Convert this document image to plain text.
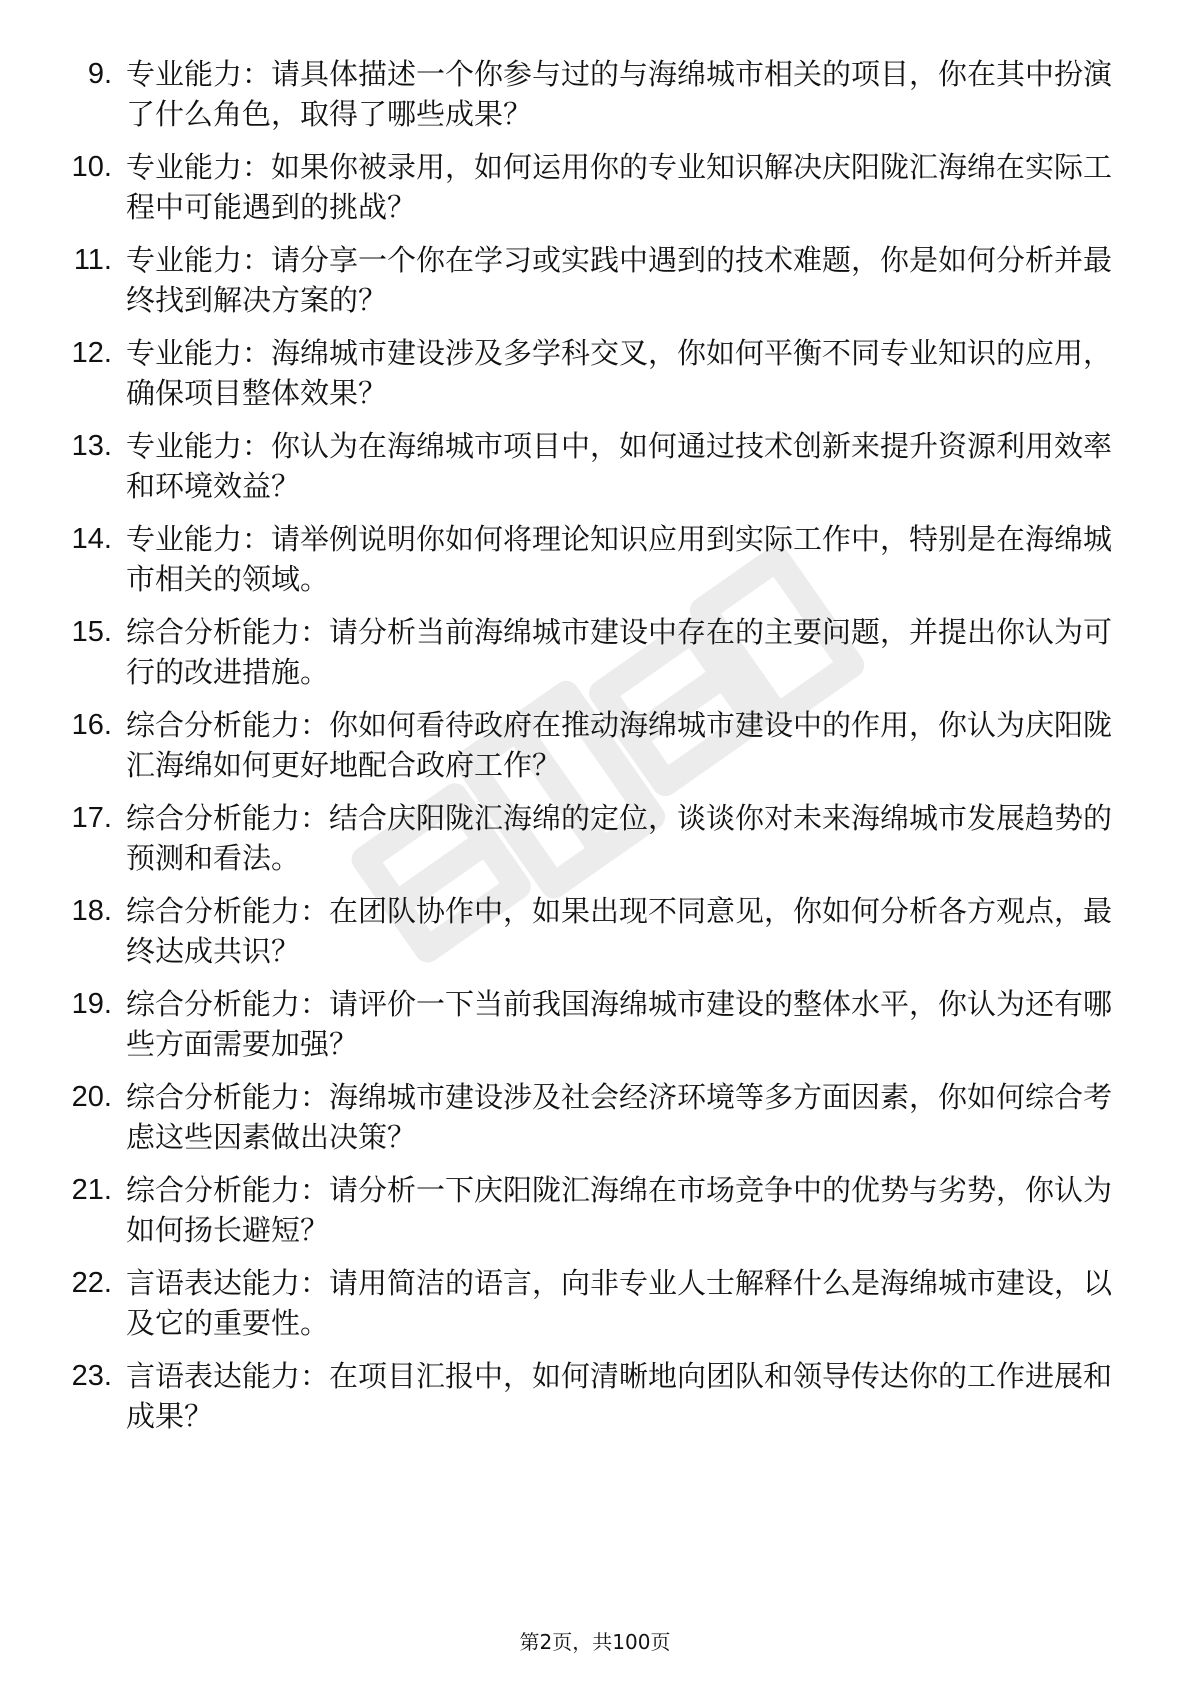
9. 专业能力：请具体描述一个你参与过的与海绵城市相关的项目，你在其中扮演了什么角色，取得了哪些成果？
10. 专业能力：如果你被录用，如何运用你的专业知识解决庆阳陇汇海绵在实际工程中可能遇到的挑战？
11. 专业能力：请分享一个你在学习或实践中遇到的技术难题，你是如何分析并最终找到解决方案的？
12. 专业能力：海绵城市建设涉及多学科交叉，你如何平衡不同专业知识的应用，确保项目整体效果？
13. 专业能力：你认为在海绵城市项目中，如何通过技术创新来提升资源利用效率和环境效益？
14. 专业能力：请举例说明你如何将理论知识应用到实际工作中，特别是在海绵城市相关的领域。
15. 综合分析能力：请分析当前海绵城市建设中存在的主要问题，并提出你认为可行的改进措施。
16. 综合分析能力：你如何看待政府在推动海绵城市建设中的作用，你认为庆阳陇汇海绵如何更好地配合政府工作？
17. 综合分析能力：结合庆阳陇汇海绵的定位，谈谈你对未来海绵城市发展趋势的预测和看法。
18. 综合分析能力：在团队协作中，如果出现不同意见，你如何分析各方观点，最终达成共识？
19. 综合分析能力：请评价一下当前我国海绵城市建设的整体水平，你认为还有哪些方面需要加强？
20. 综合分析能力：海绵城市建设涉及社会经济环境等多方面因素，你如何综合考虑这些因素做出决策？
21. 综合分析能力：请分析一下庆阳陇汇海绵在市场竞争中的优势与劣势，你认为如何扬长避短？
22. 言语表达能力：请用简洁的语言，向非专业人士解释什么是海绵城市建设，以及它的重要性。
23. 言语表达能力：在项目汇报中，如何清晰地向团队和领导传达你的工作进展和成果？
第2页，共100页
